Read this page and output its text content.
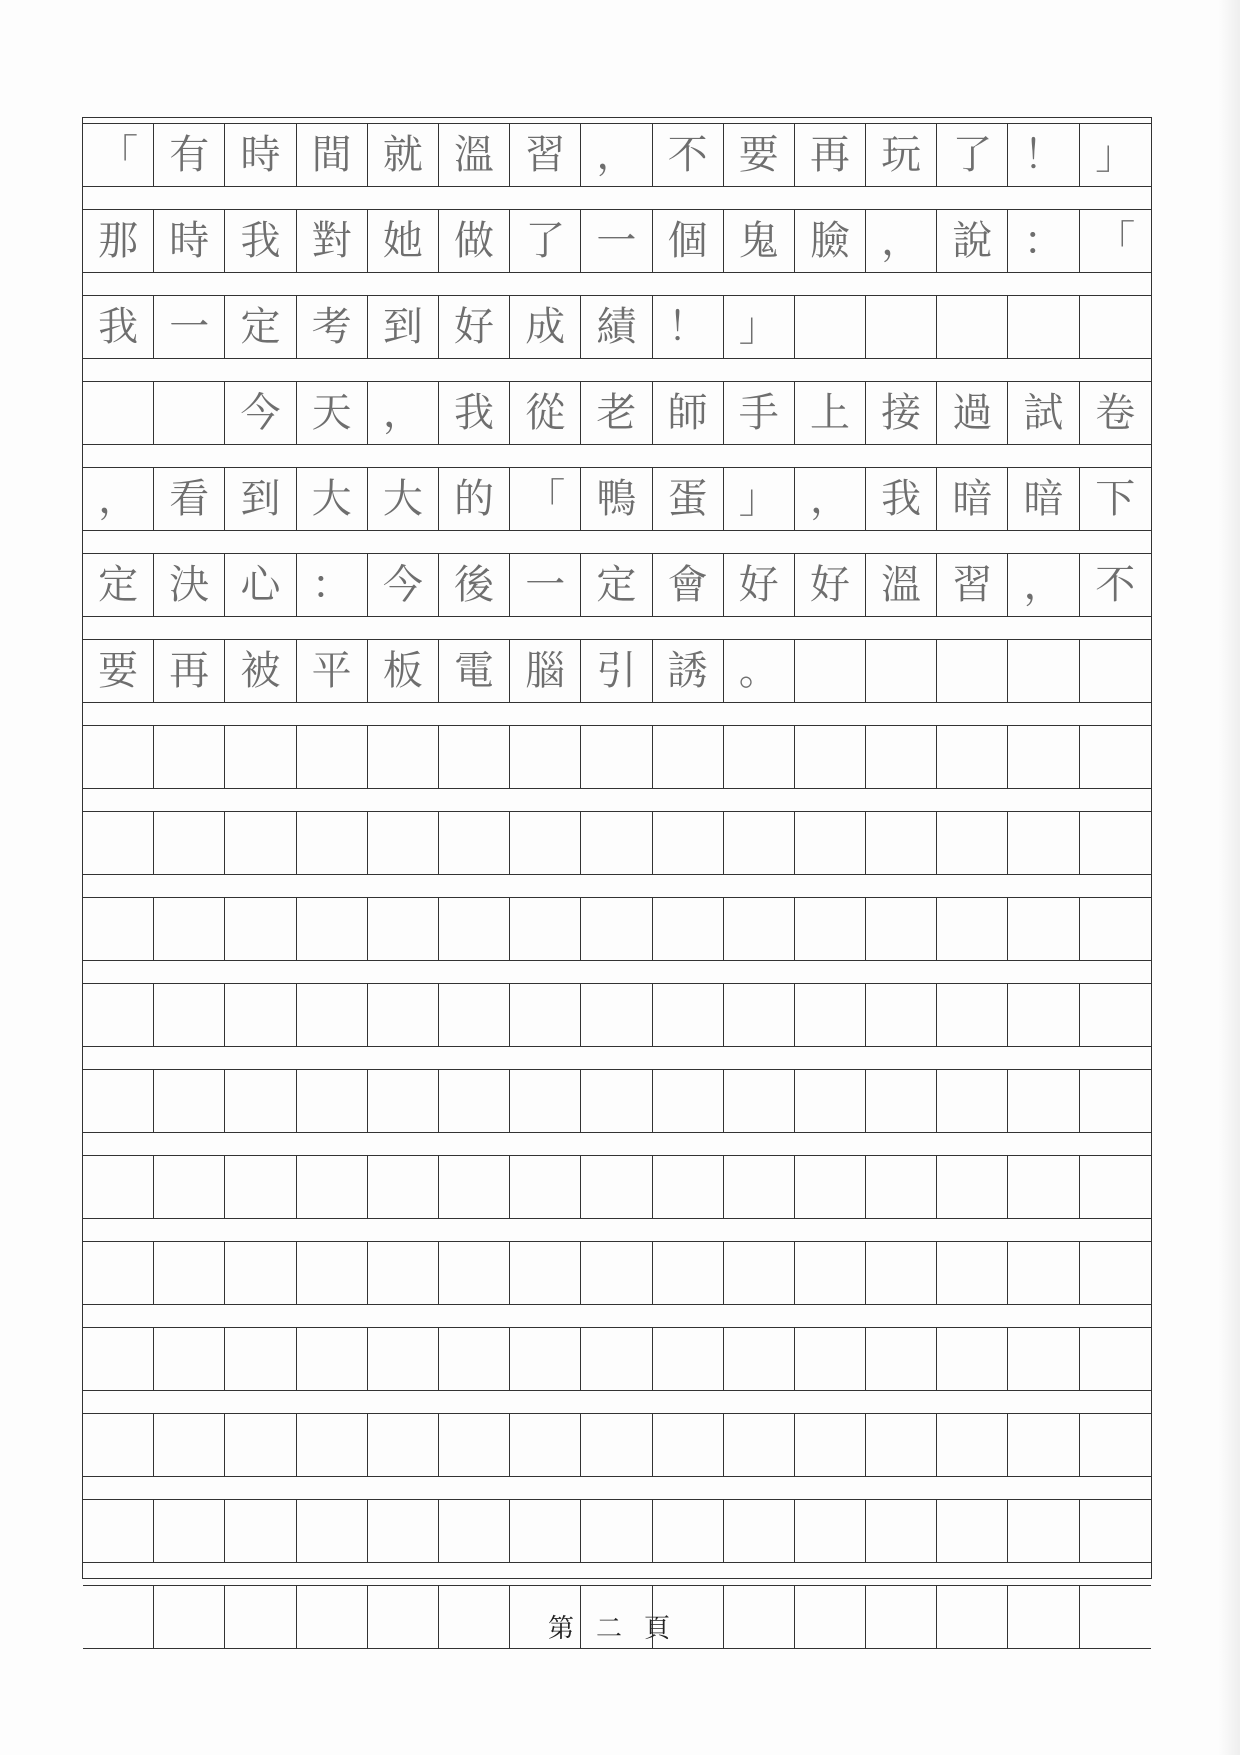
「 有 時 間 就 溫 習 ， 不 要 再 玩 了 ！ 」
那 時 我 對 她 做 了 一 個 鬼 臉 ， 說 ： 「
我 一 定 考 到 好 成 績 ！ 」
今 天 ， 我 從 老 師 手 上 接 過 試 卷
， 看 到 大 大 的 「 鴨 蛋 」 ， 我 暗 暗 下
定 決 心 ： 今 後 一 定 會 好 好 溫 習 ， 不
要 再 被 平 板 電 腦 引 誘 。
第二頁
